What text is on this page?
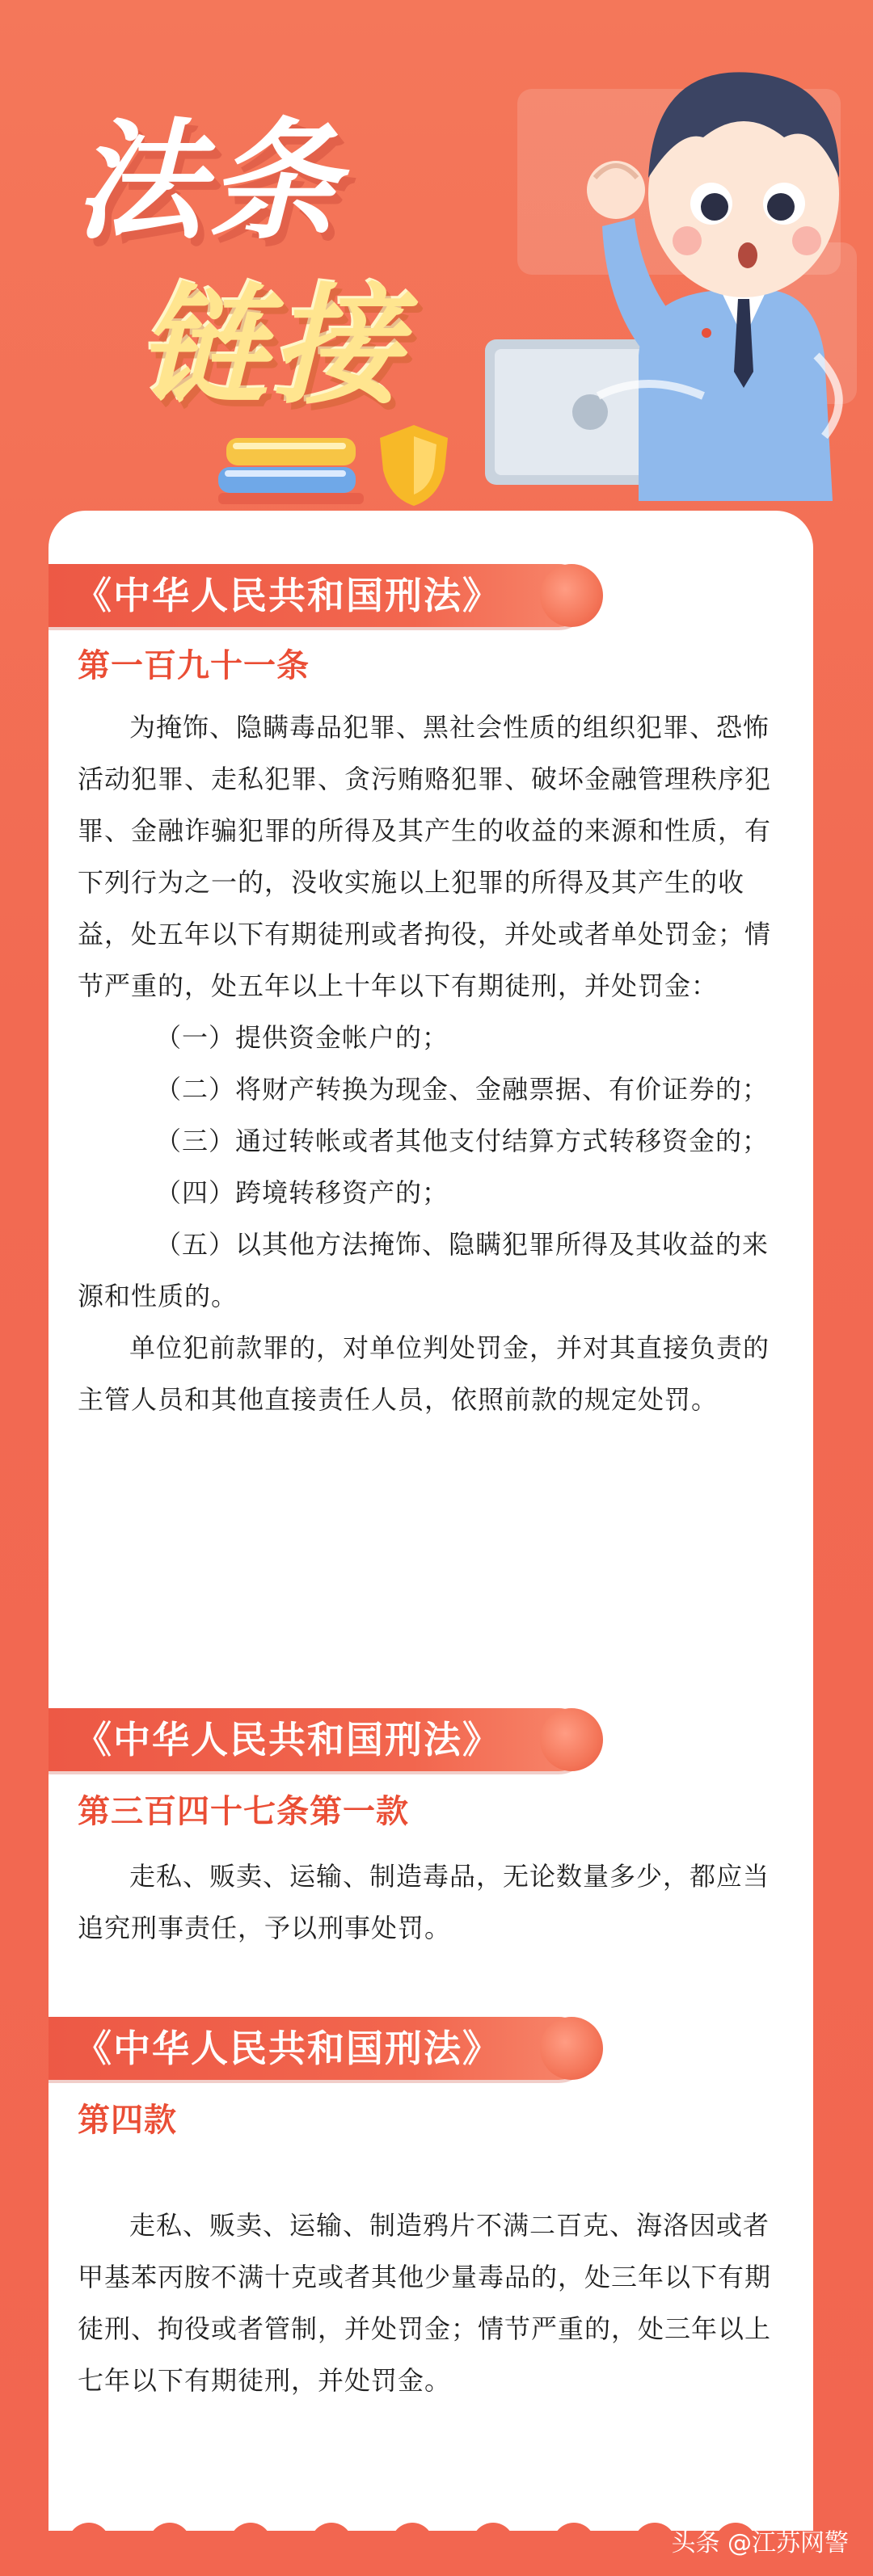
法条
链接
《中华人民共和国刑法》
第一百九十一条

为掩饰、隐瞒毒品犯罪、黑社会性质的组织犯罪、恐怖活动犯罪、走私犯罪、贪污贿赂犯罪、破坏金融管理秩序犯罪、金融诈骗犯罪的所得及其产生的收益的来源和性质，有下列行为之一的，没收实施以上犯罪的所得及其产生的收益，处五年以下有期徒刑或者拘役，并处或者单处罚金；情节严重的，处五年以上十年以下有期徒刑，并处罚金：

（一）提供资金帐户的；

（二）将财产转换为现金、金融票据、有价证券的；

（三）通过转帐或者其他支付结算方式转移资金的；

（四）跨境转移资产的；

（五）以其他方法掩饰、隐瞒犯罪所得及其收益的来源和性质的。

单位犯前款罪的，对单位判处罚金，并对其直接负责的主管人员和其他直接责任人员，依照前款的规定处罚。

《中华人民共和国刑法》
第三百四十七条第一款

走私、贩卖、运输、制造毒品，无论数量多少，都应当追究刑事责任，予以刑事处罚。

《中华人民共和国刑法》
第四款

走私、贩卖、运输、制造鸦片不满二百克、海洛因或者甲基苯丙胺不满十克或者其他少量毒品的，处三年以下有期徒刑、拘役或者管制，并处罚金；情节严重的，处三年以上七年以下有期徒刑，并处罚金。

头条 @江苏网警
